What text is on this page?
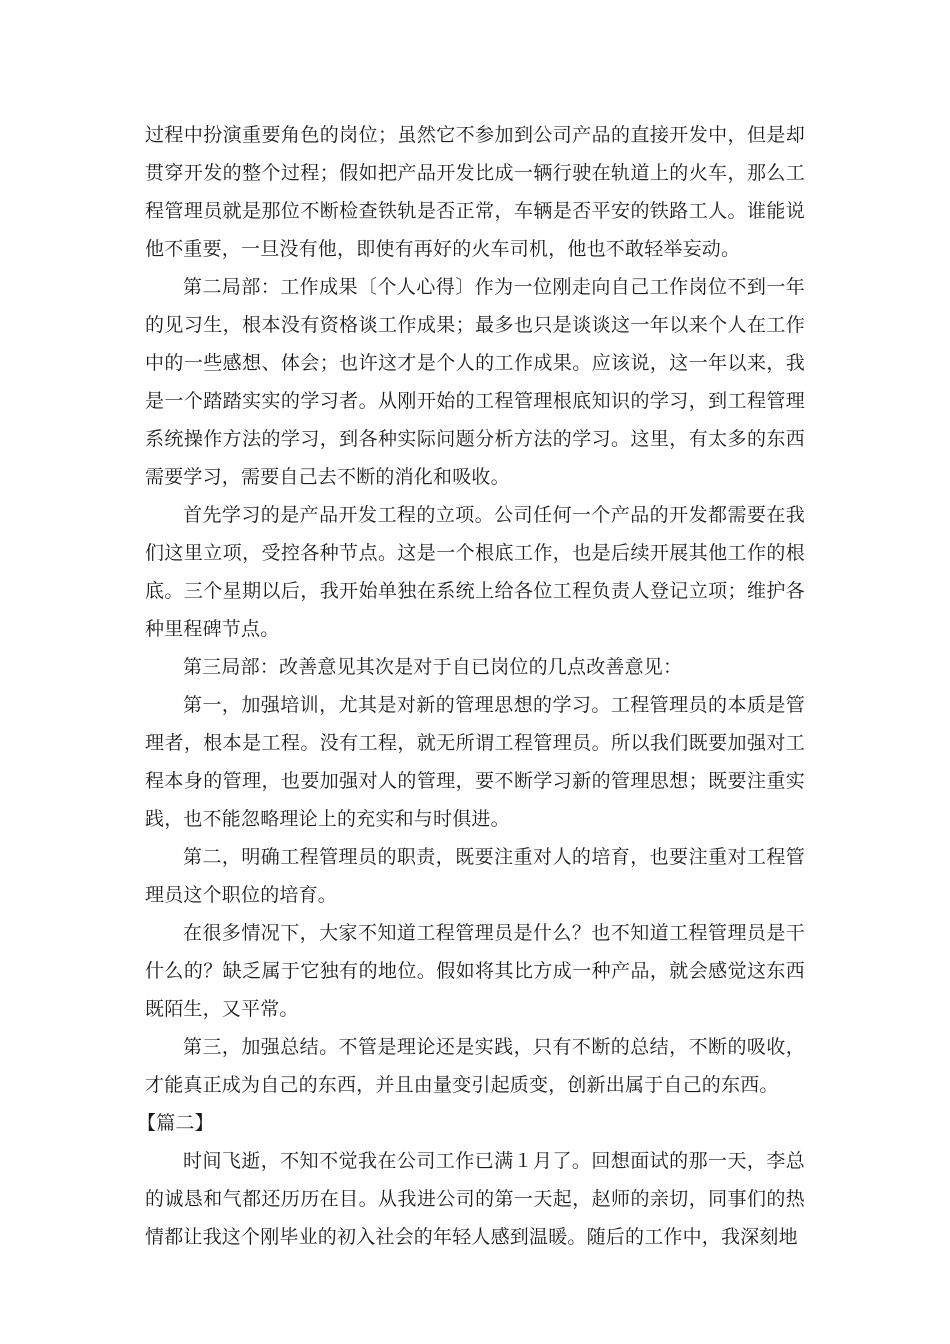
过程中扮演重要角色的岗位；虽然它不参加到公司产品的直接开发中，但是却贯穿开发的整个过程；假如把产品开发比成一辆行驶在轨道上的火车，那么工程管理员就是那位不断检查铁轨是否正常，车辆是否平安的铁路工人。谁能说他不重要，一旦没有他，即使有再好的火车司机，他也不敢轻举妄动。

第二局部：工作成果〔个人心得〕作为一位刚走向自己工作岗位不到一年的见习生，根本没有资格谈工作成果；最多也只是谈谈这一年以来个人在工作中的一些感想、体会；也许这才是个人的工作成果。应该说，这一年以来，我是一个踏踏实实的学习者。从刚开始的工程管理根底知识的学习，到工程管理系统操作方法的学习，到各种实际问题分析方法的学习。这里，有太多的东西需要学习，需要自己去不断的消化和吸收。

首先学习的是产品开发工程的立项。公司任何一个产品的开发都需要在我们这里立项，受控各种节点。这是一个根底工作，也是后续开展其他工作的根底。三个星期以后，我开始单独在系统上给各位工程负责人登记立项；维护各种里程碑节点。

第三局部：改善意见其次是对于自已岗位的几点改善意见：

第一，加强培训，尤其是对新的管理思想的学习。工程管理员的本质是管理者，根本是工程。没有工程，就无所谓工程管理员。所以我们既要加强对工程本身的管理，也要加强对人的管理，要不断学习新的管理思想；既要注重实践，也不能忽略理论上的充实和与时俱进。

第二，明确工程管理员的职责，既要注重对人的培育，也要注重对工程管理员这个职位的培育。

在很多情况下，大家不知道工程管理员是什么？也不知道工程管理员是干什么的？缺乏属于它独有的地位。假如将其比方成一种产品，就会感觉这东西既陌生，又平常。

第三，加强总结。不管是理论还是实践，只有不断的总结，不断的吸收，才能真正成为自己的东西，并且由量变引起质变，创新出属于自己的东西。

【篇二】

时间飞逝，不知不觉我在公司工作已满１月了。回想面试的那一天，李总的诚恳和气都还历历在目。从我进公司的第一天起，赵师的亲切，同事们的热情都让我这个刚毕业的初入社会的年轻人感到温暖。随后的工作中，我深刻地
